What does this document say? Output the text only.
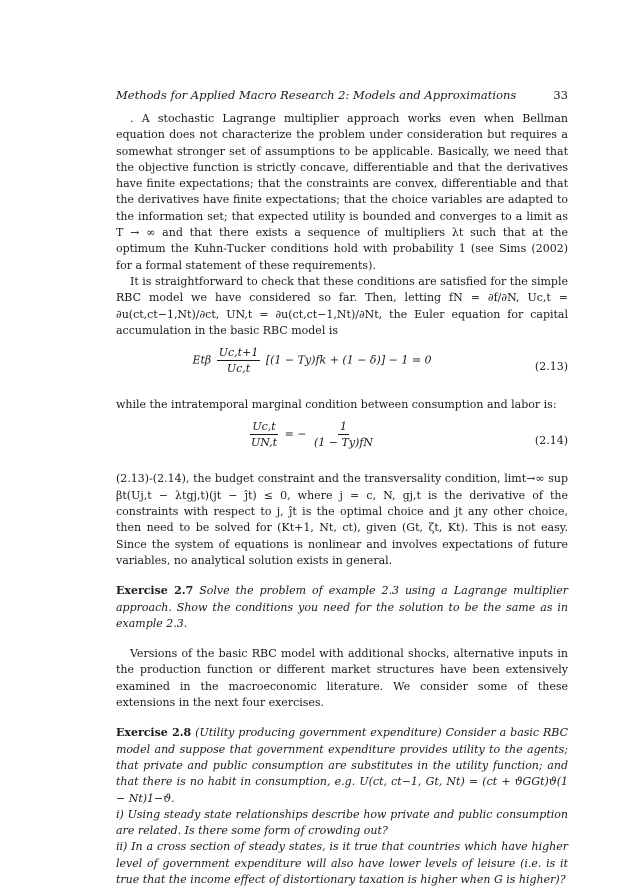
Methods for Applied Macro Research 2: Models and Approximations	33

. A stochastic Lagrange multiplier approach works even when Bellman equation does not characterize the problem under consideration but requires a somewhat stronger set of assumptions to be applicable. Basically, we need that the objective function is strictly concave, differentiable and that the derivatives have finite expectations; that the constraints are convex, differentiable and that the derivatives have finite expectations; that the choice variables are adapted to the information set; that expected utility is bounded and converges to a limit as T → ∞ and that there exists a sequence of multipliers λt such that at the optimum the Kuhn-Tucker conditions hold with probability 1 (see Sims (2002) for a formal statement of these requirements).

It is straightforward to check that these conditions are satisfied for the simple RBC model we have considered so far. Then, letting fN = ∂f/∂N, Uc,t = ∂u(ct,ct−1,Nt)/∂ct, UN,t = ∂u(ct,ct−1,Nt)/∂Nt, the Euler equation for capital accumulation in the basic RBC model is

Etβ $\frac{Uc,t+1}{Uc,t} [(1 - Ty)fk + (1 - \delta)] - 1 = 0$	(2.13)

while the intratemporal marginal condition between consumption and labor is:

$\frac{Uc,t}{UN,t}$ = − $\frac{1}{(1 - Ty)fN}$	(2.14)

(2.13)-(2.14), the budget constraint and the transversality condition, limt→∞ sup βt(Uj,t − λtgj,t)(jt − ĵt) ≤ 0, where j = c, N, gj,t is the derivative of the constraints with respect to j, ĵt is the optimal choice and jt any other choice, then need to be solved for (Kt+1, Nt, ct), given (Gt, ζt, Kt). This is not easy. Since the system of equations is nonlinear and involves expectations of future variables, no analytical solution exists in general.

Exercise 2.7 Solve the problem of example 2.3 using a Lagrange multiplier approach. Show the conditions you need for the solution to be the same as in example 2.3.

Versions of the basic RBC model with additional shocks, alternative inputs in the production function or different market structures have been extensively examined in the macroeconomic literature. We consider some of these extensions in the next four exercises.

Exercise 2.8 (Utility producing government expenditure) Consider a basic RBC model and suppose that government expenditure provides utility to the agents; that private and public consumption are substitutes in the utility function; and that there is no habit in consumption, e.g. U(ct, ct−1, Gt, Nt) = (ct + ϑGGt)ϑ(1 − Nt)1−ϑ.

i) Using steady state relationships describe how private and public consumption are related. Is there some form of crowding out?

ii) In a cross section of steady states, is it true that countries which have higher level of government expenditure will also have lower levels of leisure (i.e. is it true that the income effect of distortionary taxation is higher when G is higher)?
